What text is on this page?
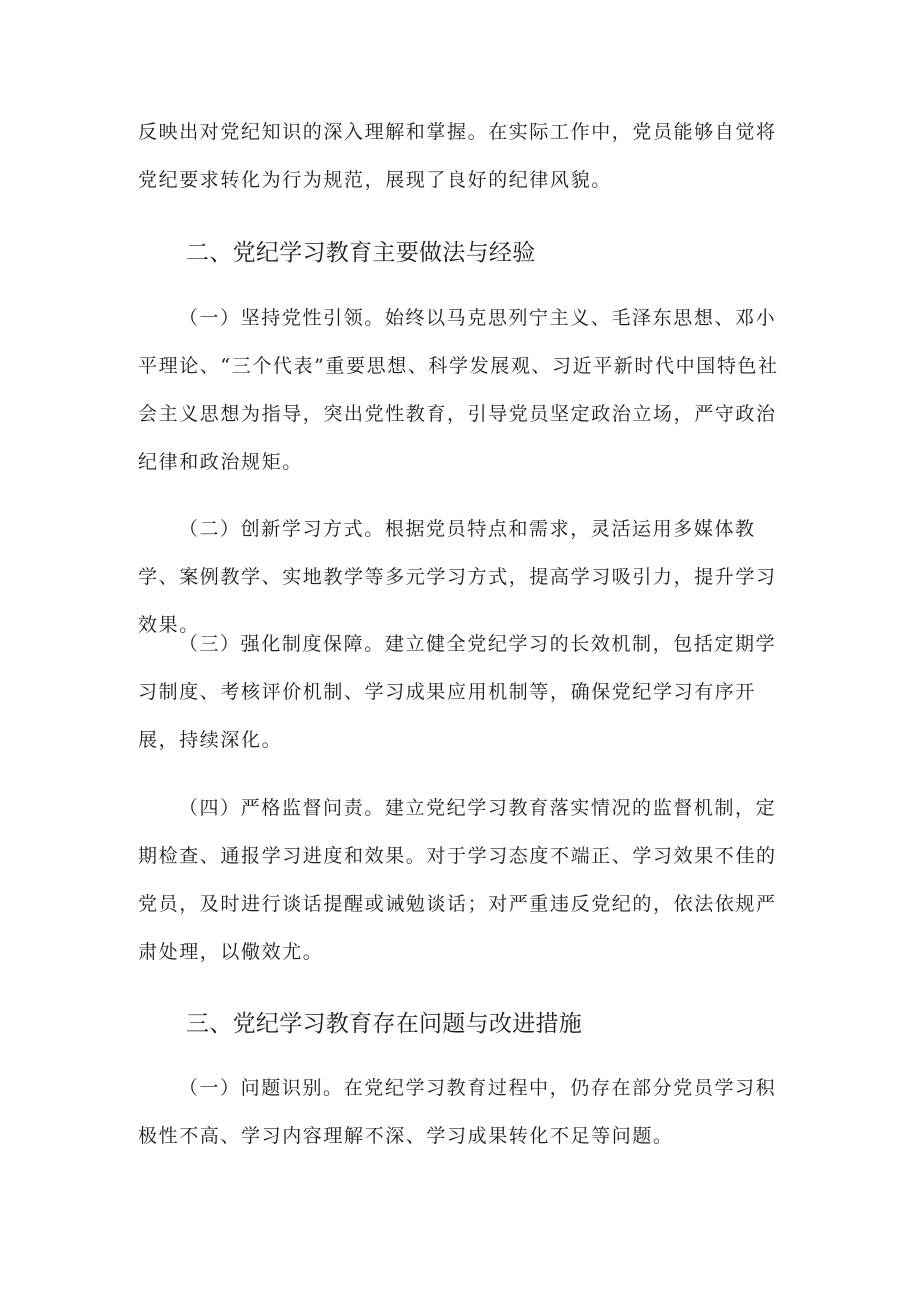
反映出对党纪知识的深入理解和掌握。在实际工作中，党员能够自觉将党纪要求转化为行为规范，展现了良好的纪律风貌。

二、党纪学习教育主要做法与经验

（一）坚持党性引领。始终以马克思列宁主义、毛泽东思想、邓小平理论、“三个代表”重要思想、科学发展观、习近平新时代中国特色社会主义思想为指导，突出党性教育，引导党员坚定政治立场，严守政治纪律和政治规矩。

（二）创新学习方式。根据党员特点和需求，灵活运用多媒体教学、案例教学、实地教学等多元学习方式，提高学习吸引力，提升学习效果。

（三）强化制度保障。建立健全党纪学习的长效机制，包括定期学习制度、考核评价机制、学习成果应用机制等，确保党纪学习有序开展，持续深化。

（四）严格监督问责。建立党纪学习教育落实情况的监督机制，定期检查、通报学习进度和效果。对于学习态度不端正、学习效果不佳的党员，及时进行谈话提醒或诫勉谈话；对严重违反党纪的，依法依规严肃处理，以儆效尤。

三、党纪学习教育存在问题与改进措施

（一）问题识别。在党纪学习教育过程中，仍存在部分党员学习积极性不高、学习内容理解不深、学习成果转化不足等问题。
